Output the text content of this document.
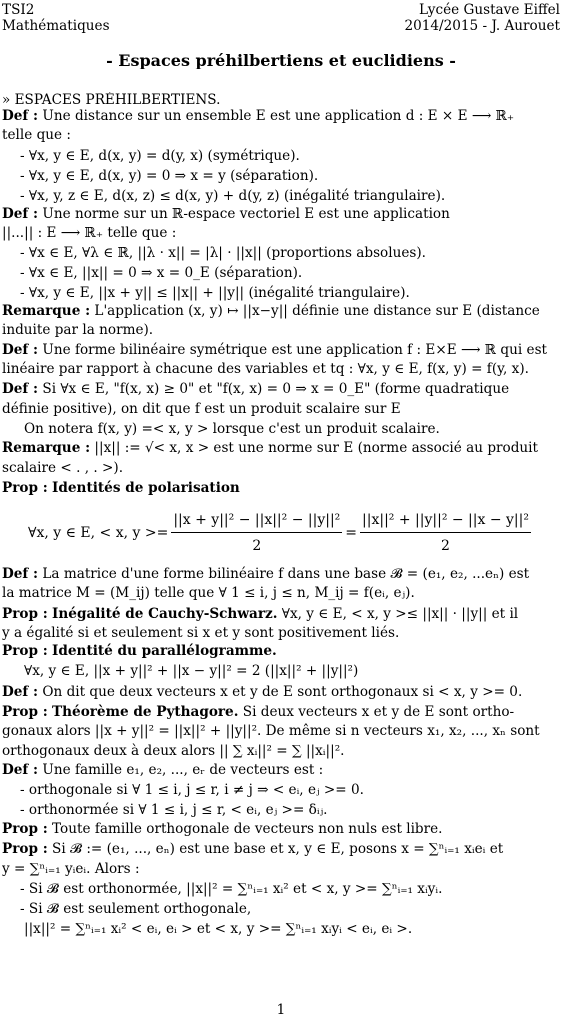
TSI2
Mathématiques
Lycée Gustave Eiffel
2014/2015 - J. Aurouet
- Espaces préhilbertiens et euclidiens -
» ESPACES PRÉHILBERTIENS.
Def : Une distance sur un ensemble E est une application d : E × E ⟶ ℝ₊
telle que :
- ∀x, y ∈ E, d(x, y) = d(y, x) (symétrique).
- ∀x, y ∈ E, d(x, y) = 0 ⇒ x = y (séparation).
- ∀x, y, z ∈ E, d(x, z) ≤ d(x, y) + d(y, z) (inégalité triangulaire).
Def : Une norme sur un ℝ-espace vectoriel E est une application
||...|| : E ⟶ ℝ₊ telle que :
- ∀x ∈ E, ∀λ ∈ ℝ, ||λ · x|| = |λ| · ||x|| (proportions absolues).
- ∀x ∈ E, ||x|| = 0 ⇒ x = 0_E (séparation).
- ∀x, y ∈ E, ||x + y|| ≤ ||x|| + ||y|| (inégalité triangulaire).
Remarque : L'application (x, y) ↦ ||x−y|| définie une distance sur E (distance
induite par la norme).
Def : Une forme bilinéaire symétrique est une application f : E×E ⟶ ℝ qui est
linéaire par rapport à chacune des variables et tq : ∀x, y ∈ E, f(x, y) = f(y, x).
Def : Si ∀x ∈ E, "f(x, x) ≥ 0" et "f(x, x) = 0 ⇒ x = 0_E" (forme quadratique
définie positive), on dit que f est un produit scalaire sur E
On notera f(x, y) =< x, y > lorsque c'est un produit scalaire.
Remarque : ||x|| := √< x, x > est une norme sur E (norme associé au produit
scalaire < . , . >).
Prop : Identités de polarisation
∀x, y ∈ E, < x, $y >= \frac{\text{||x + y||² − ||x||² − ||y||²}}{2} = \frac{\text{||x||² + ||y||² − ||x − y||²}}{2}$
Def : La matrice d'une forme bilinéaire f dans une base 𝓑 = (e₁, e₂, ...eₙ) est
la matrice M = (M_ij) telle que ∀ 1 ≤ i, j ≤ n, M_ij = f(eᵢ, eⱼ).
Prop : Inégalité de Cauchy-Schwarz. ∀x, y ∈ E, < x, y >≤ ||x|| · ||y|| et il
y a égalité si et seulement si x et y sont positivement liés.
Prop : Identité du parallélogramme.
∀x, y ∈ E, ||x + y||² + ||x − y||² = 2 (||x||² + ||y||²)
Def : On dit que deux vecteurs x et y de E sont orthogonaux si < x, y >= 0.
Prop : Théorème de Pythagore. Si deux vecteurs x et y de E sont ortho-
gonaux alors ||x + y||² = ||x||² + ||y||². De même si n vecteurs x₁, x₂, ..., xₙ sont
orthogonaux deux à deux alors || ∑ xᵢ||² = ∑ ||xᵢ||².
Def : Une famille e₁, e₂, ..., eᵣ de vecteurs est :
- orthogonale si ∀ 1 ≤ i, j ≤ r, i ≠ j ⇒ < eᵢ, eⱼ >= 0.
- orthonormée si ∀ 1 ≤ i, j ≤ r, < eᵢ, eⱼ >= δᵢⱼ.
Prop : Toute famille orthogonale de vecteurs non nuls est libre.
Prop : Si 𝓑 := (e₁, ..., eₙ) est une base et x, y ∈ E, posons x = ∑ⁿᵢ₌₁ xᵢeᵢ et
y = ∑ⁿᵢ₌₁ yᵢeᵢ. Alors :
- Si 𝓑 est orthonormée, ||x||² = ∑ⁿᵢ₌₁ xᵢ² et < x, y >= ∑ⁿᵢ₌₁ xᵢyᵢ.
- Si 𝓑 est seulement orthogonale,
||x||² = ∑ⁿᵢ₌₁ xᵢ² < eᵢ, eᵢ > et < x, y >= ∑ⁿᵢ₌₁ xᵢyᵢ < eᵢ, eᵢ >.
1
